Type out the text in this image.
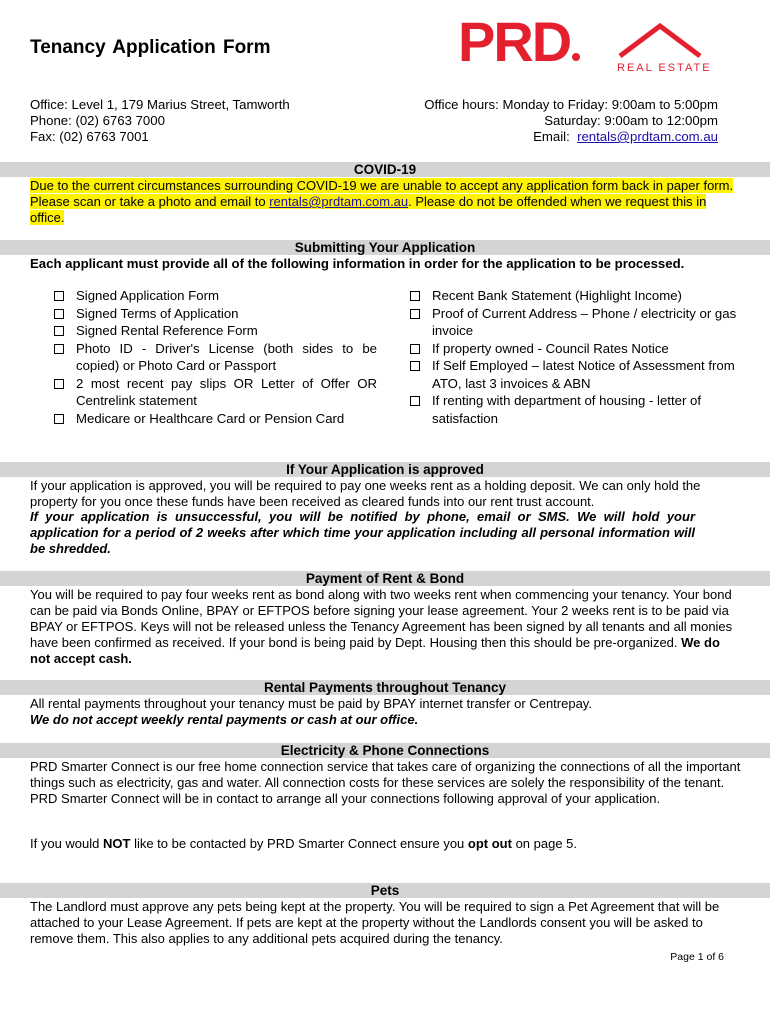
Tenancy Application Form	PRD	REAL ESTATE
Office: Level 1, 179 Marius Street, Tamworth
Phone: (02) 6763 7000
Fax: (02) 6763 7001
Office hours: Monday to Friday: 9:00am to 5:00pm
Saturday: 9:00am to 12:00pm
Email: rentals@prdtam.com.au
COVID-19
Due to the current circumstances surrounding COVID-19 we are unable to accept any application form back in paper form. Please scan or take a photo and email to rentals@prdtam.com.au. Please do not be offended when we request this in office.
Submitting Your Application
Each applicant must provide all of the following information in order for the application to be processed.
Signed Application Form
Signed Terms of Application
Signed Rental Reference Form
Photo ID - Driver's License (both sides to be copied) or Photo Card or Passport
2 most recent pay slips OR Letter of Offer OR Centrelink statement
Medicare or Healthcare Card or Pension Card
Recent Bank Statement (Highlight Income)
Proof of Current Address – Phone / electricity or gas invoice
If property owned - Council Rates Notice
If Self Employed – latest Notice of Assessment from ATO, last 3 invoices & ABN
If renting with department of housing - letter of satisfaction
If Your Application is approved
If your application is approved, you will be required to pay one weeks rent as a holding deposit. We can only hold the property for you once these funds have been received as cleared funds into our rent trust account.
If your application is unsuccessful, you will be notified by phone, email or SMS. We will hold your application for a period of 2 weeks after which time your application including all personal information will be shredded.
Payment of Rent & Bond
You will be required to pay four weeks rent as bond along with two weeks rent when commencing your tenancy. Your bond can be paid via Bonds Online, BPAY or EFTPOS before signing your lease agreement. Your 2 weeks rent is to be paid via BPAY or EFTPOS. Keys will not be released unless the Tenancy Agreement has been signed by all tenants and all monies have been confirmed as received. If your bond is being paid by Dept. Housing then this should be pre-organized. We do not accept cash.
Rental Payments throughout Tenancy
All rental payments throughout your tenancy must be paid by BPAY internet transfer or Centrepay.
We do not accept weekly rental payments or cash at our office.
Electricity & Phone Connections
PRD Smarter Connect is our free home connection service that takes care of organizing the connections of all the important things such as electricity, gas and water. All connection costs for these services are solely the responsibility of the tenant. PRD Smarter Connect will be in contact to arrange all your connections following approval of your application.
If you would NOT like to be contacted by PRD Smarter Connect ensure you opt out on page 5.
Pets
The Landlord must approve any pets being kept at the property. You will be required to sign a Pet Agreement that will be attached to your Lease Agreement. If pets are kept at the property without the Landlords consent you will be asked to remove them. This also applies to any additional pets acquired during the tenancy.
Page 1 of 6
